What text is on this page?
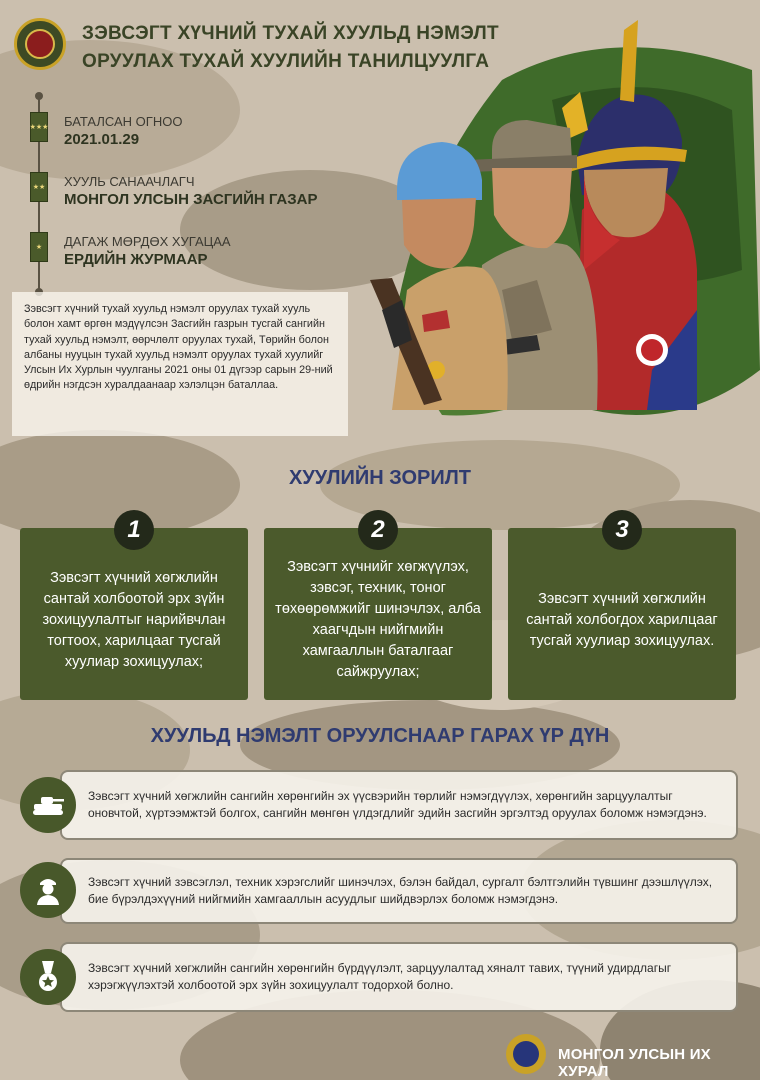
ЗЭВСЭГТ ХҮЧНИЙ ТУХАЙ ХУУЛЬД НЭМЭЛТ
ОРУУЛАХ ТУХАЙ ХУУЛИЙН ТАНИЛЦУУЛГА
★★★ БАТАЛСАН ОГНОО
2021.01.29
★★ ХУУЛЬ САНААЧЛАГЧ
МОНГОЛ УЛСЫН ЗАСГИЙН ГАЗАР
★	ДАГАЖ МӨРДӨХ ХУГАЦАА
ЕРДИЙН ЖУРМААР
Зэвсэгт хүчний тухай хуульд нэмэлт оруулах тухай хууль болон хамт өргөн мэдүүлсэн Засгийн газрын тусгай сангийн тухай хуульд нэмэлт, өөрчлөлт оруулах тухай, Төрийн болон албаны нууцын тухай хуульд нэмэлт оруулах тухай хуулийг Улсын Их Хурлын чуулганы 2021 оны 01 дүгээр сарын 29-ний өдрийн нэгдсэн хуралдаанаар хэлэлцэн баталлаа.
ХУУЛИЙН ЗОРИЛТ
Зэвсэгт хүчний хөгжлийн сантай холбоотой эрх зүйн зохицуулалтыг нарийвчлан тогтоох, харилцааг тусгай хуулиар зохицуулах;
1
Зэвсэгт хүчнийг хөгжүүлэх, зэвсэг, техник, тоног төхөөрөмжийг шинэчлэх, алба хаагчдын нийгмийн хамгааллын баталгааг сайжруулах;
2
Зэвсэгт хүчний хөгжлийн сантай холбогдох харилцааг тусгай хуулиар зохицуулах.
3
ХУУЛЬД НЭМЭЛТ ОРУУЛСНААР ГАРАХ ҮР ДҮН
Зэвсэгт хүчний хөгжлийн сангийн хөрөнгийн эх үүсвэрийн төрлийг нэмэгдүүлэх, хөрөнгийн зарцуулалтыг оновчтой, хүртээмжтэй болгох, сангийн мөнгөн үлдэгдлийг эдийн засгийн эргэлтэд оруулах боломж нэмэгдэнэ.
Зэвсэгт хүчний зэвсэглэл, техник хэрэгслийг шинэчлэх, бэлэн байдал, сургалт бэлтгэлийн түвшинг дээшлүүлэх, бие бүрэлдэхүүний нийгмийн хамгааллын асуудлыг шийдвэрлэх боломж нэмэгдэнэ.
Зэвсэгт хүчний хөгжлийн сангийн хөрөнгийн бүрдүүлэлт, зарцуулалтад хяналт тавих, түүний удирдлагыг хэрэгжүүлэхтэй холбоотой эрх зүйн зохицуулалт тодорхой болно.
МОНГОЛ УЛСЫН ИХ ХУРАЛ
